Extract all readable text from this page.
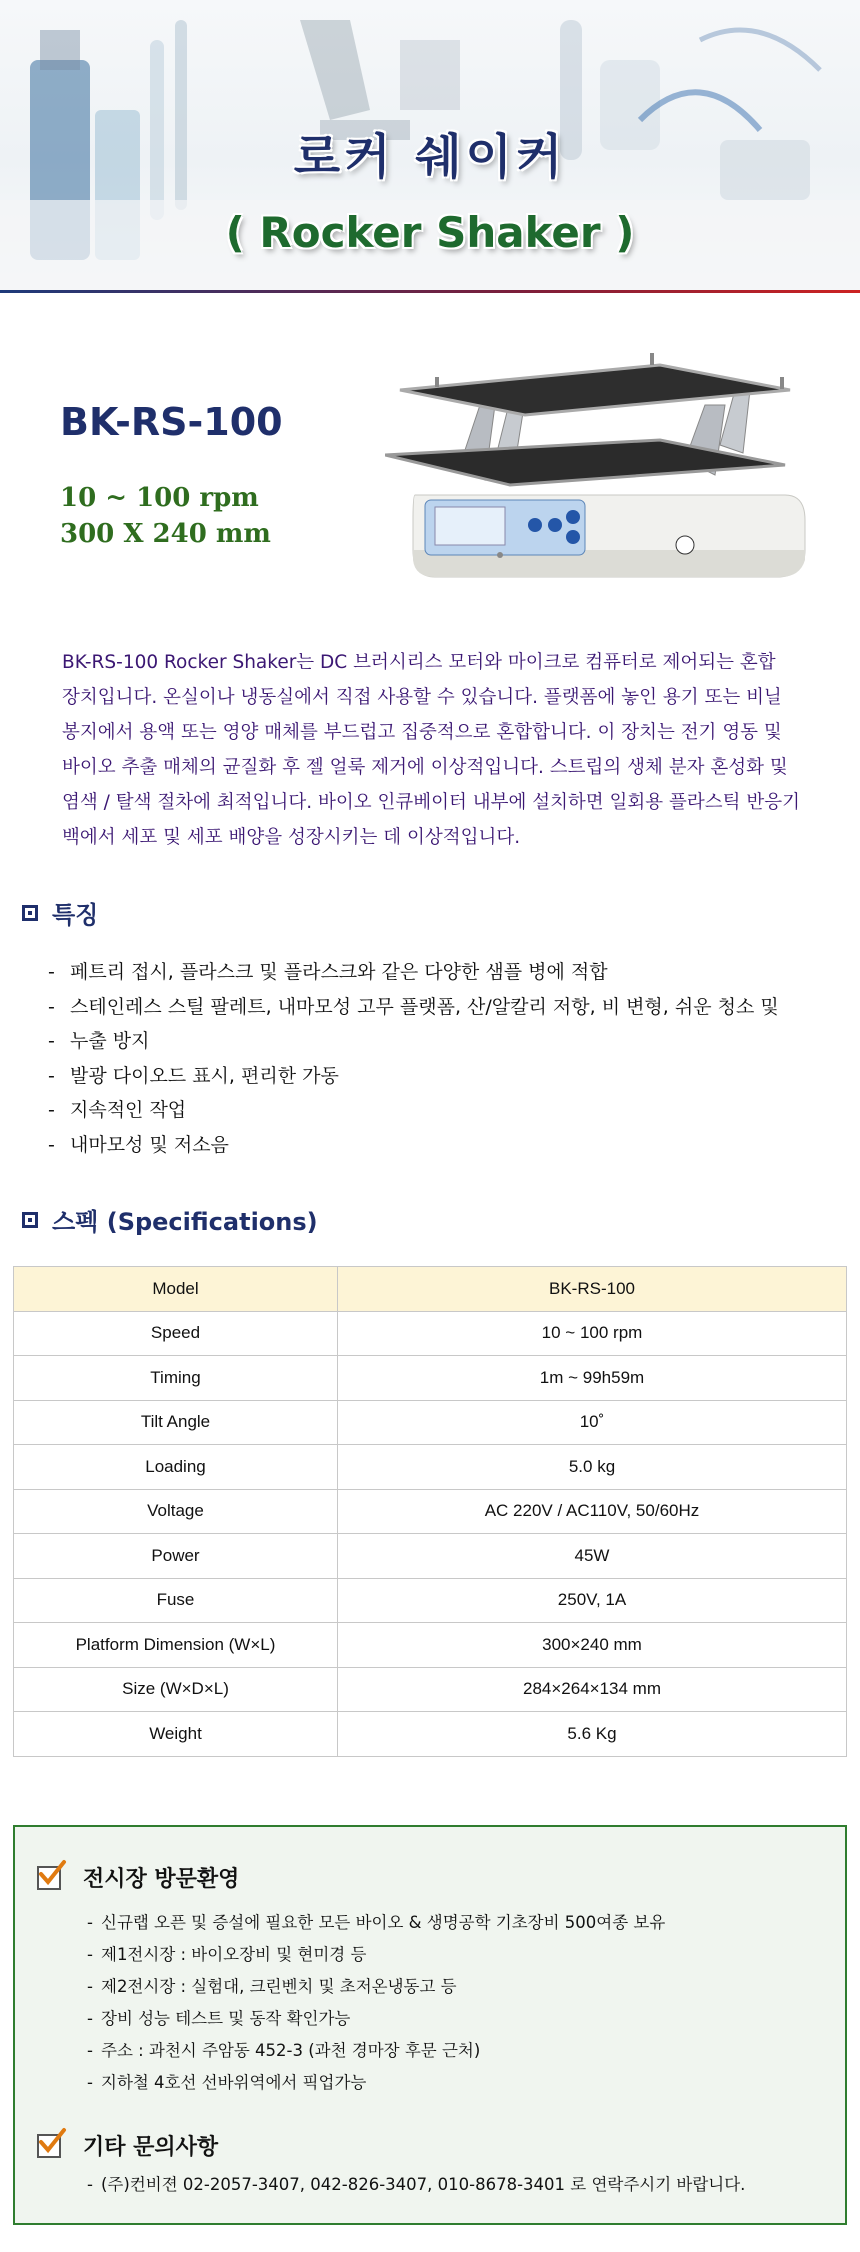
로커 쉐이커
( Rocker Shaker )
BK-RS-100
10 ~ 100 rpm
300 X 240 mm

BK-RS-100 Rocker Shaker는 DC 브러시리스 모터와 마이크로 컴퓨터로 제어되는 혼합

장치입니다. 온실이나 냉동실에서 직접 사용할 수 있습니다. 플랫폼에 놓인 용기 또는 비닐

봉지에서 용액 또는 영양 매체를 부드럽고 집중적으로 혼합합니다. 이 장치는 전기 영동 및

바이오 추출 매체의 균질화 후 젤 얼룩 제거에 이상적입니다. 스트립의 생체 분자 혼성화 및

염색 / 탈색 절차에 최적입니다. 바이오 인큐베이터 내부에 설치하면 일회용 플라스틱 반응기

백에서 세포 및 세포 배양을 성장시키는 데 이상적입니다.

특징
- 페트리 접시, 플라스크 및 플라스크와 같은 다양한 샘플 병에 적합
- 스테인레스 스틸 팔레트, 내마모성 고무 플랫폼, 산/알칼리 저항, 비 변형, 쉬운 청소 및
- 누출 방지
- 발광 다이오드 표시, 편리한 가동
- 지속적인 작업
- 내마모성 및 저소음
스펙 (Specifications)
Model	BK-RS-100
Speed	10 ~ 100 rpm
Timing	1m ~ 99h59m
Tilt Angle	10˚
Loading	5.0 kg
Voltage	AC 220V / AC110V, 50/60Hz
Power	45W
Fuse	250V, 1A
Platform Dimension (W×L)	300×240 mm
Size (W×D×L)	284×264×134 mm
Weight	5.6 Kg
전시장 방문환영
- 신규랩 오픈 및 증설에 필요한 모든 바이오 & 생명공학 기초장비 500여종 보유
- 제1전시장 : 바이오장비 및 현미경 등
- 제2전시장 : 실험대, 크린벤치 및 초저온냉동고 등
- 장비 성능 테스트 및 동작 확인가능
- 주소 : 과천시 주암동 452-3 (과천 경마장 후문 근처)
- 지하철 4호선 선바위역에서 픽업가능
기타 문의사항
- (주)컨비젼 02-2057-3407, 042-826-3407, 010-8678-3401 로 연락주시기 바랍니다.
